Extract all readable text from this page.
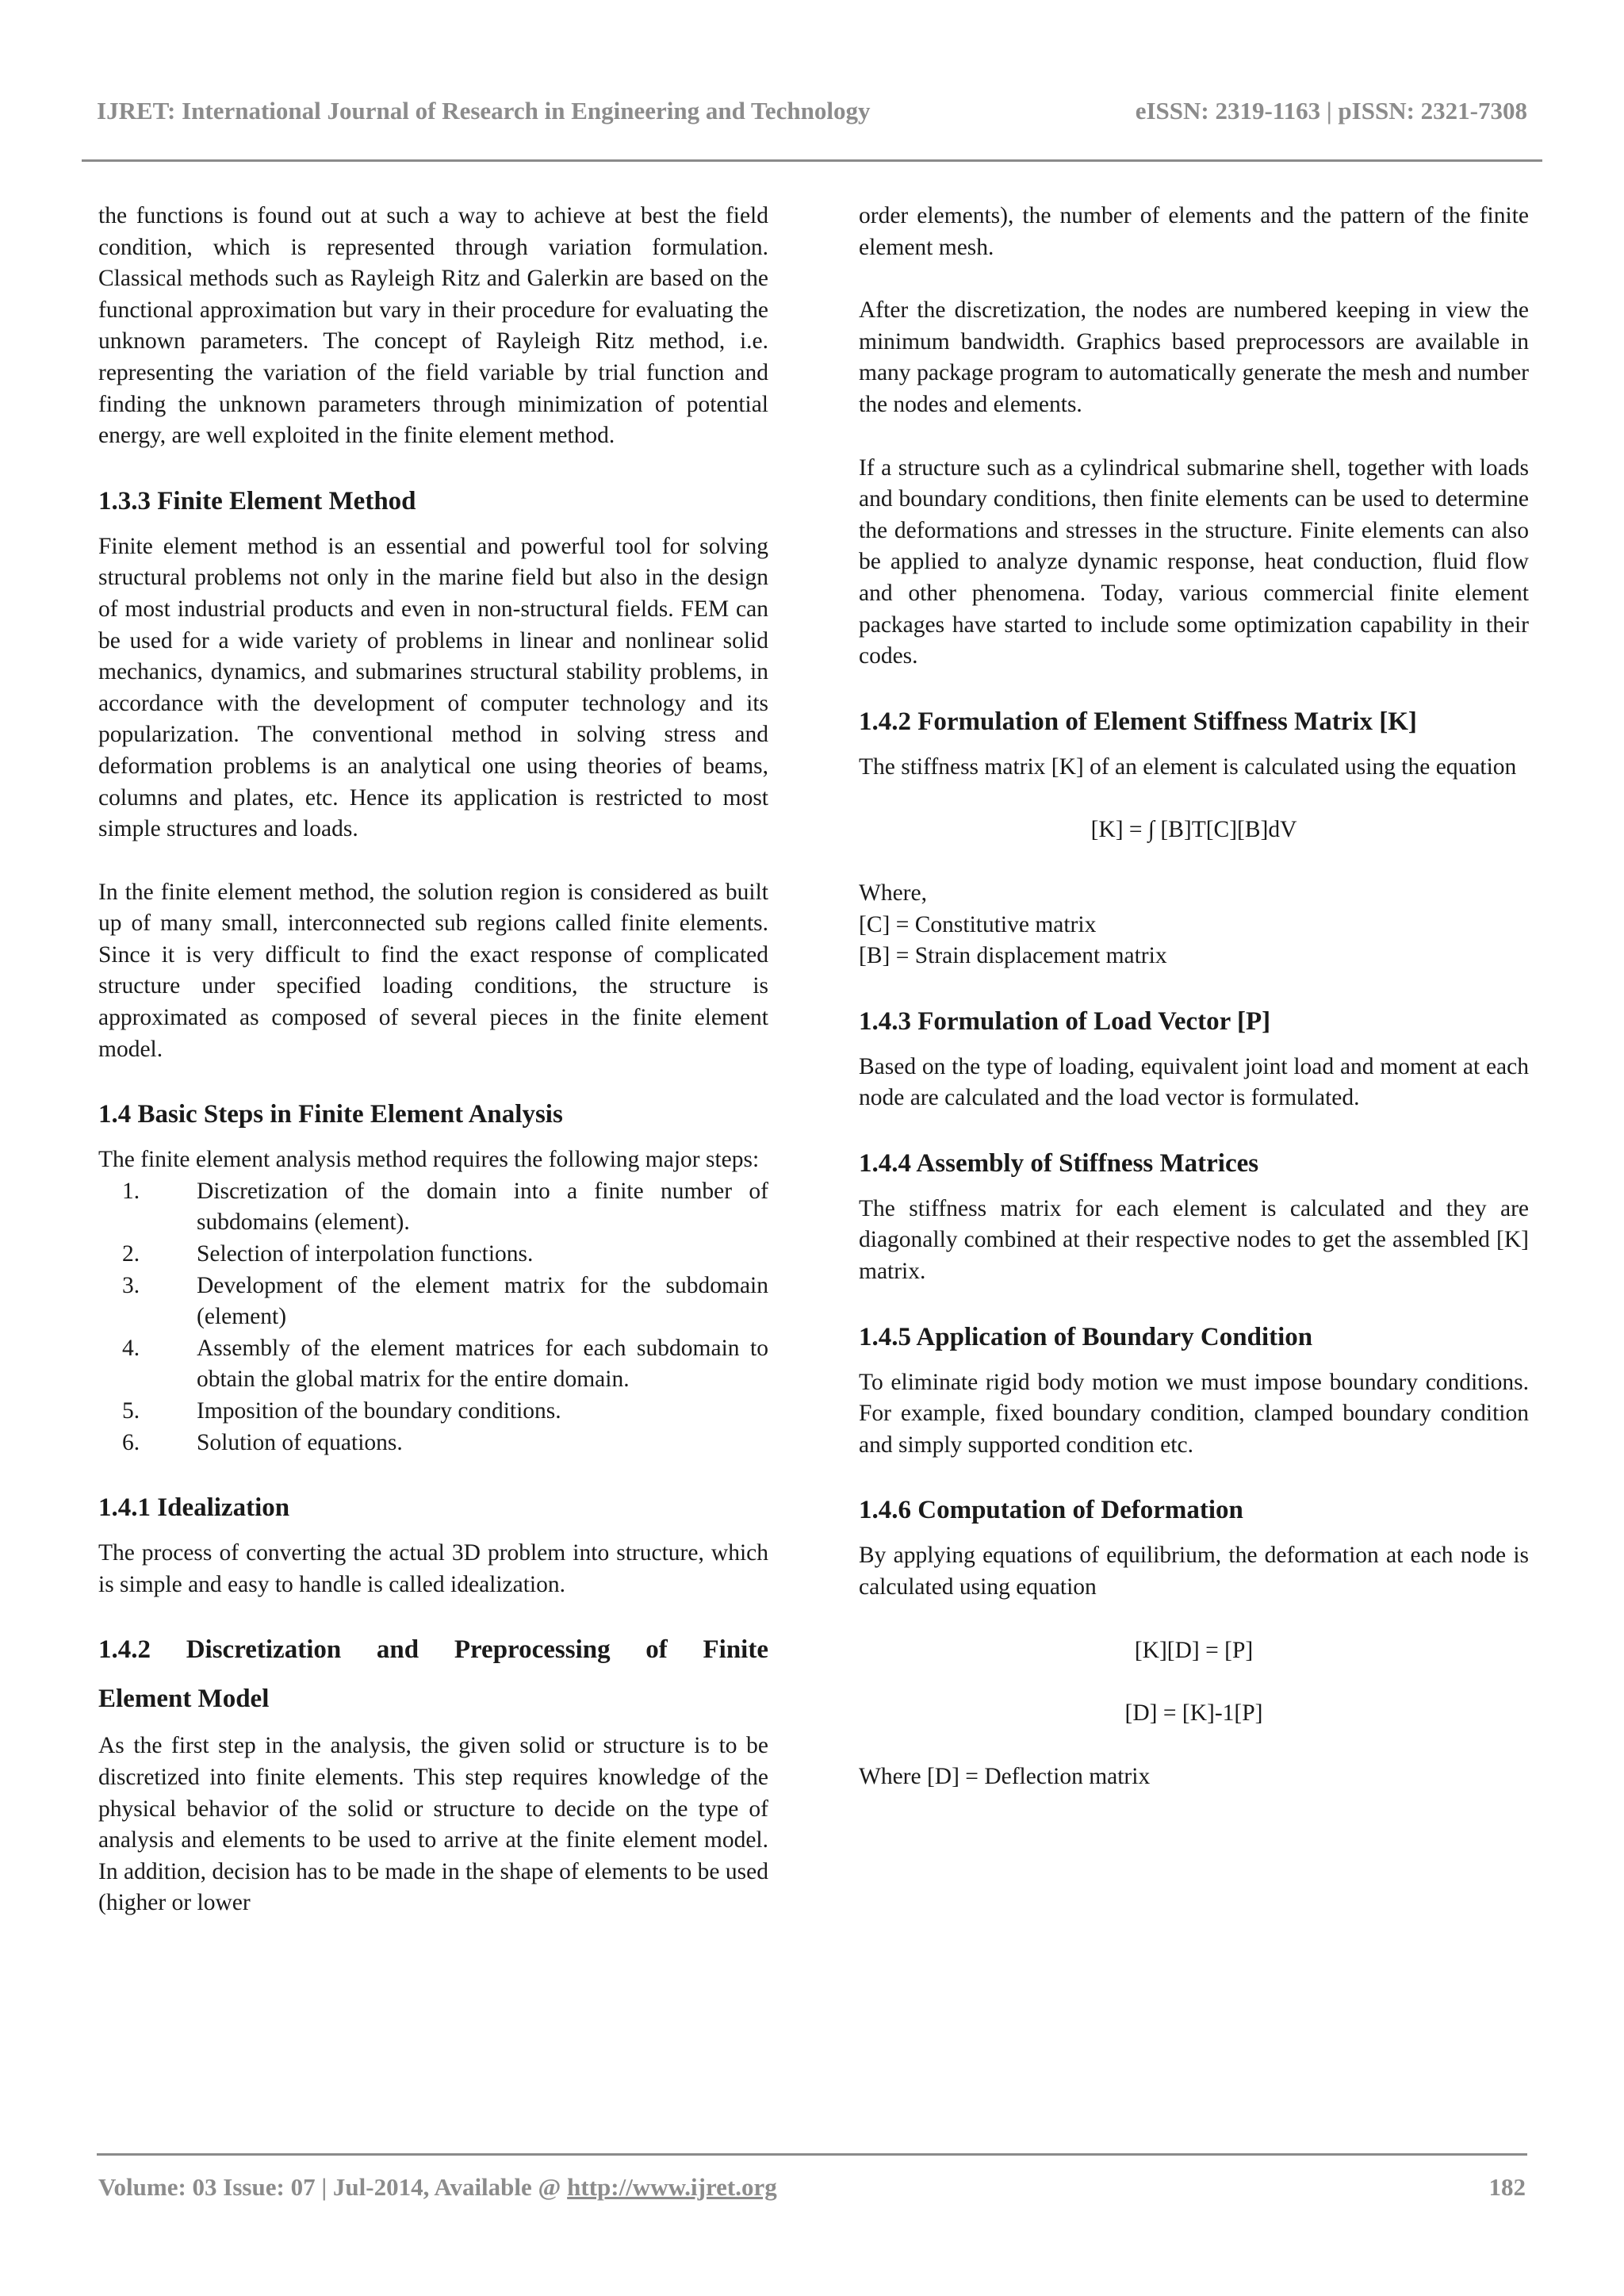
IJRET: International Journal of Research in Engineering and Technology	eISSN: 2319-1163 | pISSN: 2321-7308

the functions is found out at such a way to achieve at best the field condition, which is represented through variation formulation. Classical methods such as Rayleigh Ritz and Galerkin are based on the functional approximation but vary in their procedure for evaluating the unknown parameters. The concept of Rayleigh Ritz method, i.e. representing the variation of the field variable by trial function and finding the unknown parameters through minimization of potential energy, are well exploited in the finite element method.

1.3.3 Finite Element Method

Finite element method is an essential and powerful tool for solving structural problems not only in the marine field but also in the design of most industrial products and even in non-structural fields. FEM can be used for a wide variety of problems in linear and nonlinear solid mechanics, dynamics, and submarines structural stability problems, in accordance with the development of computer technology and its popularization. The conventional method in solving stress and deformation problems is an analytical one using theories of beams, columns and plates, etc. Hence its application is restricted to most simple structures and loads.

In the finite element method, the solution region is considered as built up of many small, interconnected sub regions called finite elements. Since it is very difficult to find the exact response of complicated structure under specified loading conditions, the structure is approximated as composed of several pieces in the finite element model.

1.4 Basic Steps in Finite Element Analysis

The finite element analysis method requires the following major steps:

1. Discretization of the domain into a finite number of subdomains (element).
2. Selection of interpolation functions.
3. Development of the element matrix for the subdomain (element)
4. Assembly of the element matrices for each subdomain to obtain the global matrix for the entire domain.
5. Imposition of the boundary conditions.
6. Solution of equations.
1.4.1 Idealization

The process of converting the actual 3D problem into structure, which is simple and easy to handle is called idealization.

1.4.2 Discretization and Preprocessing of Finite
Element Model

As the first step in the analysis, the given solid or structure is to be discretized into finite elements. This step requires knowledge of the physical behavior of the solid or structure to decide on the type of analysis and elements to be used to arrive at the finite element model. In addition, decision has to be made in the shape of elements to be used (higher or lower

order elements), the number of elements and the pattern of the finite element mesh.

After the discretization, the nodes are numbered keeping in view the minimum bandwidth. Graphics based preprocessors are available in many package program to automatically generate the mesh and number the nodes and elements.

If a structure such as a cylindrical submarine shell, together with loads and boundary conditions, then finite elements can be used to determine the deformations and stresses in the structure. Finite elements can also be applied to analyze dynamic response, heat conduction, fluid flow and other phenomena. Today, various commercial finite element packages have started to include some optimization capability in their codes.

1.4.2 Formulation of Element Stiffness Matrix [K]

The stiffness matrix [K] of an element is calculated using the equation

[K] = ∫ [B]T[C][B]dV
Where,
[C] = Constitutive matrix

[B] = Strain displacement matrix

1.4.3 Formulation of Load Vector [P]

Based on the type of loading, equivalent joint load and moment at each node are calculated and the load vector is formulated.

1.4.4 Assembly of Stiffness Matrices

The stiffness matrix for each element is calculated and they are diagonally combined at their respective nodes to get the assembled [K] matrix.

1.4.5 Application of Boundary Condition

To eliminate rigid body motion we must impose boundary conditions. For example, fixed boundary condition, clamped boundary condition and simply supported condition etc.

1.4.6 Computation of Deformation

By applying equations of equilibrium, the deformation at each node is calculated using equation

[K][D] = [P]
[D] = [K]-1[P]

Where [D] = Deflection matrix

Volume: 03 Issue: 07 | Jul-2014, Available @ http://www.ijret.org	182
